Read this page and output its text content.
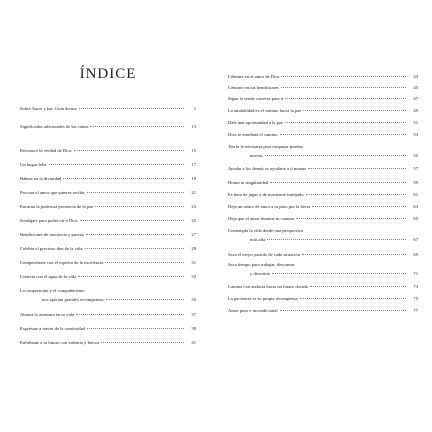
ÍNDICE
Sobre Amor y luz: Guía divina	1
Significados adicionales de las cartas	13
Reconoce la verdad de Dios	15
Un hogar feliz	17
Báñate en la divinidad	19
Procura el amor que quieres recibir	21
Encarna la poderosa presencia de la paz	23
Sosiégate para poder oír a Dios	25
Bendiciones de inocencia y pureza	27
Celebra el precioso don de la vida	29
Compenétrate con el espíritu de la excelencia	31
Conecta con el agua de la vida	33
La cooperación y el compañerismo
nos aportan grandes recompensas	35
Abraza la aventura en tu vida	37
Exprésate a través de la creatividad	39
Enfréntate a tu futuro con valentía y fuerza	41
Céntrate en el amor de Dios	43
Céntrate en tus bendiciones	45
Sigue la senda correcta para ti	47
La amabilidad es el camino hacia la paz	49
Dale una oportunidad a la paz	51
Dios te enseñará el camino	53
Ten la fe necesaria para traspasar puertas
nuevas	55
Ayudar a los demás es ayudarte a ti mismo	57
Honra tu singularidad	59
Es hora de jugar y de mostrarse intrépido	61
Deja un rastro de amor a tu paso por la tierra	63
Deja que el amor ilumine tu camino	65
Contempla la vida desde una perspectiva
más alta	67
Saca el mejor partido de cada situación	69
Saca tiempo para trabajar, descansar
y divertirte	71
Camina con audacia hacia un futuro dorado	73
La paciencia es su propia recompensa	75
Amor puro e incondicional	77
